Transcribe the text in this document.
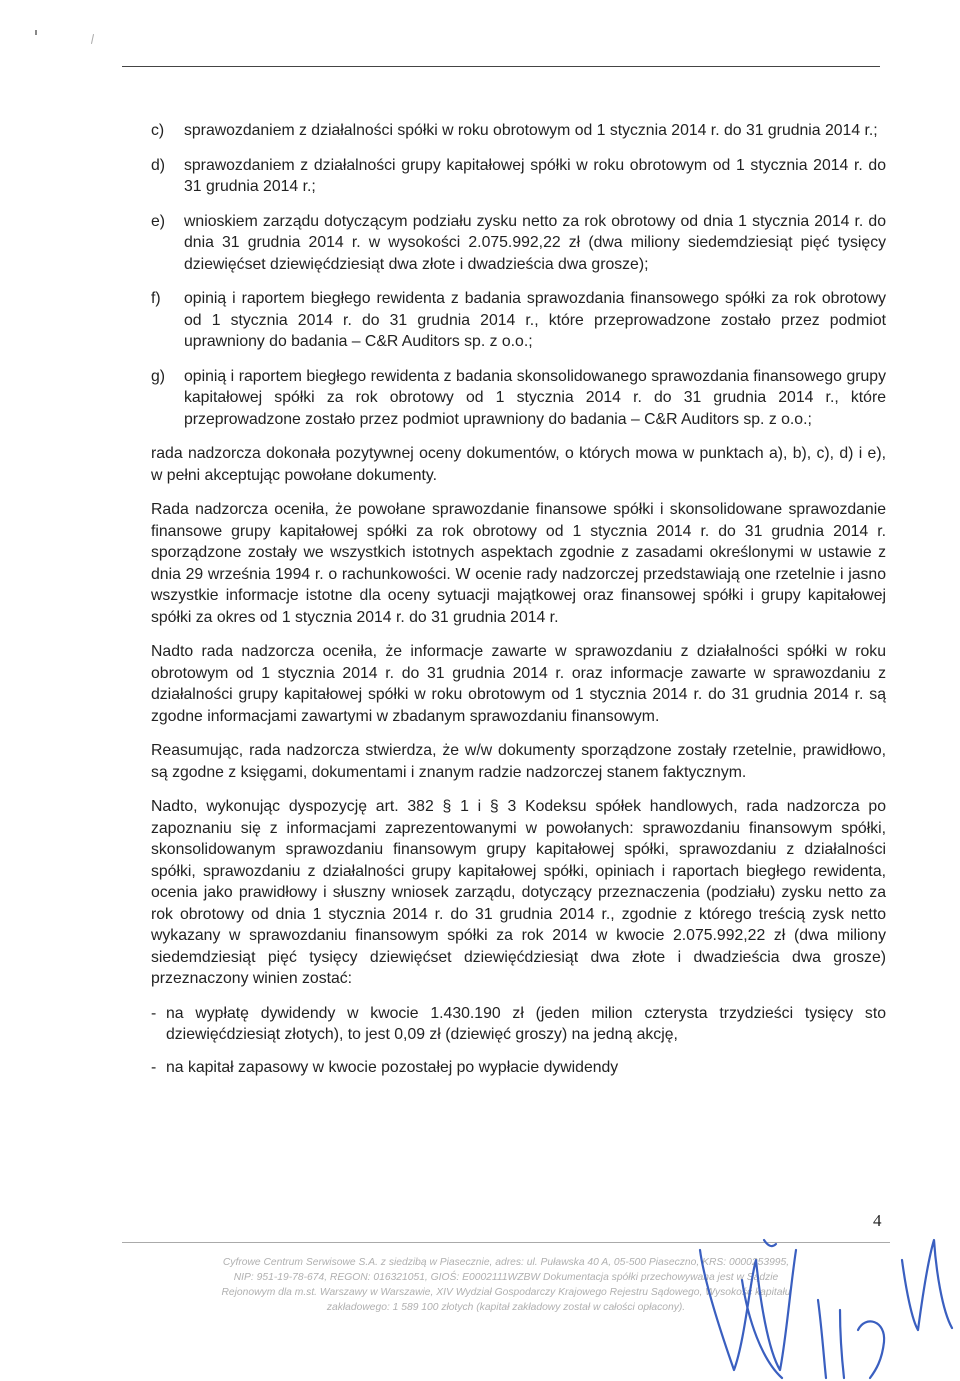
c)	sprawozdaniem z działalności spółki w roku obrotowym od 1 stycznia 2014 r. do 31 grudnia 2014 r.;
d)	sprawozdaniem z działalności grupy kapitałowej spółki w roku obrotowym od 1 stycznia 2014 r. do 31 grudnia 2014 r.;
e)	wnioskiem zarządu dotyczącym podziału zysku netto za rok obrotowy od dnia 1 stycznia 2014 r. do dnia 31 grudnia 2014 r. w wysokości 2.075.992,22 zł (dwa miliony siedemdziesiąt pięć tysięcy dziewięćset dziewięćdziesiąt dwa złote i dwadzieścia dwa grosze);
f)	opinią i raportem biegłego rewidenta z badania sprawozdania finansowego spółki za rok obrotowy od 1 stycznia 2014 r. do 31 grudnia 2014 r., które przeprowadzone zostało przez podmiot uprawniony do badania – C&R Auditors sp. z o.o.;
g)	opinią i raportem biegłego rewidenta z badania skonsolidowanego sprawozdania finansowego grupy kapitałowej spółki za rok obrotowy od 1 stycznia 2014 r. do 31 grudnia 2014 r., które przeprowadzone zostało przez podmiot uprawniony do badania – C&R Auditors sp. z o.o.;

rada nadzorcza dokonała pozytywnej oceny dokumentów, o których mowa w punktach a), b), c), d) i e), w pełni akceptując powołane dokumenty.

Rada nadzorcza oceniła, że powołane sprawozdanie finansowe spółki i skonsolidowane sprawozdanie finansowe grupy kapitałowej spółki za rok obrotowy od 1 stycznia 2014 r. do 31 grudnia 2014 r. sporządzone zostały we wszystkich istotnych aspektach zgodnie z zasadami określonymi w ustawie z dnia 29 września 1994 r. o rachunkowości. W ocenie rady nadzorczej przedstawiają one rzetelnie i jasno wszystkie informacje istotne dla oceny sytuacji majątkowej oraz finansowej spółki i grupy kapitałowej spółki za okres od 1 stycznia 2014 r. do 31 grudnia 2014 r.

Nadto rada nadzorcza oceniła, że informacje zawarte w sprawozdaniu z działalności spółki w roku obrotowym od 1 stycznia 2014 r. do 31 grudnia 2014 r. oraz informacje zawarte w sprawozdaniu z działalności grupy kapitałowej spółki w roku obrotowym od 1 stycznia 2014 r. do 31 grudnia 2014 r. są zgodne informacjami zawartymi w zbadanym sprawozdaniu finansowym.

Reasumując, rada nadzorcza stwierdza, że w/w dokumenty sporządzone zostały rzetelnie, prawidłowo, są zgodne z księgami, dokumentami i znanym radzie nadzorczej stanem faktycznym.

Nadto, wykonując dyspozycję art. 382 § 1 i § 3 Kodeksu spółek handlowych, rada nadzorcza po zapoznaniu się z informacjami zaprezentowanymi w powołanych: sprawozdaniu finansowym spółki, skonsolidowanym sprawozdaniu finansowym grupy kapitałowej spółki, sprawozdaniu z działalności spółki, sprawozdaniu z działalności grupy kapitałowej spółki, opiniach i raportach biegłego rewidenta, ocenia jako prawidłowy i słuszny wniosek zarządu, dotyczący przeznaczenia (podziału) zysku netto za rok obrotowy od dnia 1 stycznia 2014 r. do 31 grudnia 2014 r., zgodnie z którego treścią zysk netto wykazany w sprawozdaniu finansowym spółki za rok 2014 w kwocie 2.075.992,22 zł (dwa miliony siedemdziesiąt pięć tysięcy dziewięćset dziewięćdziesiąt dwa złote i dwadzieścia dwa grosze) przeznaczony winien zostać:

- na wypłatę dywidendy w kwocie 1.430.190 zł (jeden milion czterysta trzydzieści tysięcy sto dziewięćdziesiąt złotych), to jest 0,09 zł (dziewięć groszy) na jedną akcję,
- na kapitał zapasowy w kwocie pozostałej po wypłacie dywidendy
4
Cyfrowe Centrum Serwisowe S.A. z siedzibą w Piasecznie, adres: ul. Puławska 40 A, 05-500 Piaseczno, KRS: 0000253995,
NIP: 951-19-78-674, REGON: 016321051, GIOŚ: E0002111WZBW Dokumentacja spółki przechowywana jest w Sądzie
Rejonowym dla m.st. Warszawy w Warszawie, XIV Wydział Gospodarczy Krajowego Rejestru Sądowego, Wysokość kapitału
zakładowego: 1 589 100 złotych (kapitał zakładowy został w całości opłacony).
